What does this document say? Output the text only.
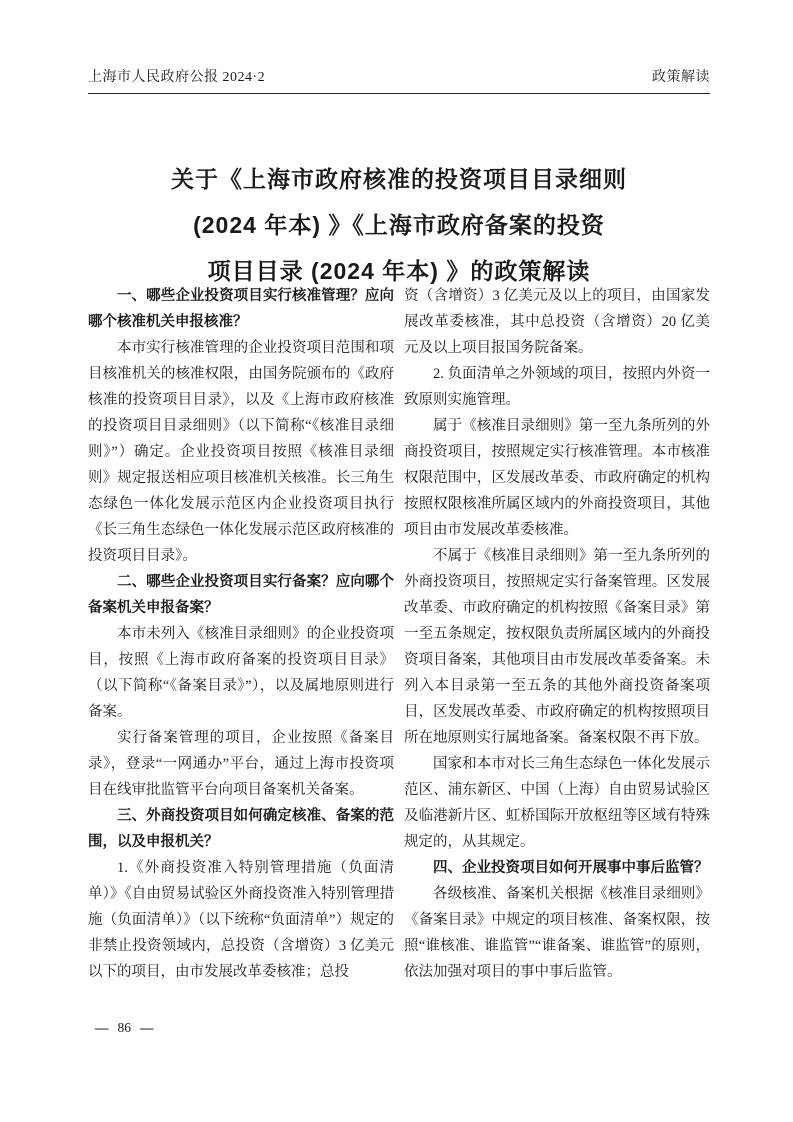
上海市人民政府公报 2024·2	政策解读
关于《上海市政府核准的投资项目目录细则
(2024 年本) 》《上海市政府备案的投资
项目目录 (2024 年本) 》的政策解读

一、哪些企业投资项目实行核准管理？应向哪个核准机关申报核准？

本市实行核准管理的企业投资项目范围和项目核准机关的核准权限，由国务院颁布的《政府核准的投资项目目录》，以及《上海市政府核准的投资项目目录细则》（以下简称“《核准目录细则》”）确定。企业投资项目按照《核准目录细则》规定报送相应项目核准机关核准。长三角生态绿色一体化发展示范区内企业投资项目执行《长三角生态绿色一体化发展示范区政府核准的投资项目目录》。

二、哪些企业投资项目实行备案？应向哪个备案机关申报备案？

本市未列入《核准目录细则》的企业投资项目，按照《上海市政府备案的投资项目目录》（以下简称“《备案目录》”），以及属地原则进行备案。

实行备案管理的项目，企业按照《备案目录》，登录“一网通办”平台，通过上海市投资项目在线审批监管平台向项目备案机关备案。

三、外商投资项目如何确定核准、备案的范围，以及申报机关？

1.《外商投资准入特别管理措施（负面清单）》《自由贸易试验区外商投资准入特别管理措施（负面清单）》（以下统称“负面清单”）规定的非禁止投资领域内，总投资（含增资）3 亿美元以下的项目，由市发展改革委核准；总投

资（含增资）3 亿美元及以上的项目，由国家发展改革委核准，其中总投资（含增资）20 亿美元及以上项目报国务院备案。

2. 负面清单之外领域的项目，按照内外资一致原则实施管理。

属于《核准目录细则》第一至九条所列的外商投资项目，按照规定实行核准管理。本市核准权限范围中，区发展改革委、市政府确定的机构按照权限核准所属区域内的外商投资项目，其他项目由市发展改革委核准。

不属于《核准目录细则》第一至九条所列的外商投资项目，按照规定实行备案管理。区发展改革委、市政府确定的机构按照《备案目录》第一至五条规定，按权限负责所属区域内的外商投资项目备案，其他项目由市发展改革委备案。未列入本目录第一至五条的其他外商投资备案项目，区发展改革委、市政府确定的机构按照项目所在地原则实行属地备案。备案权限不再下放。

国家和本市对长三角生态绿色一体化发展示范区、浦东新区、中国（上海）自由贸易试验区及临港新片区、虹桥国际开放枢纽等区域有特殊规定的，从其规定。

四、企业投资项目如何开展事中事后监管？

各级核准、备案机关根据《核准目录细则》《备案目录》中规定的项目核准、备案权限，按照“谁核准、谁监管”“谁备案、谁监管”的原则，依法加强对项目的事中事后监管。

— 86 —
